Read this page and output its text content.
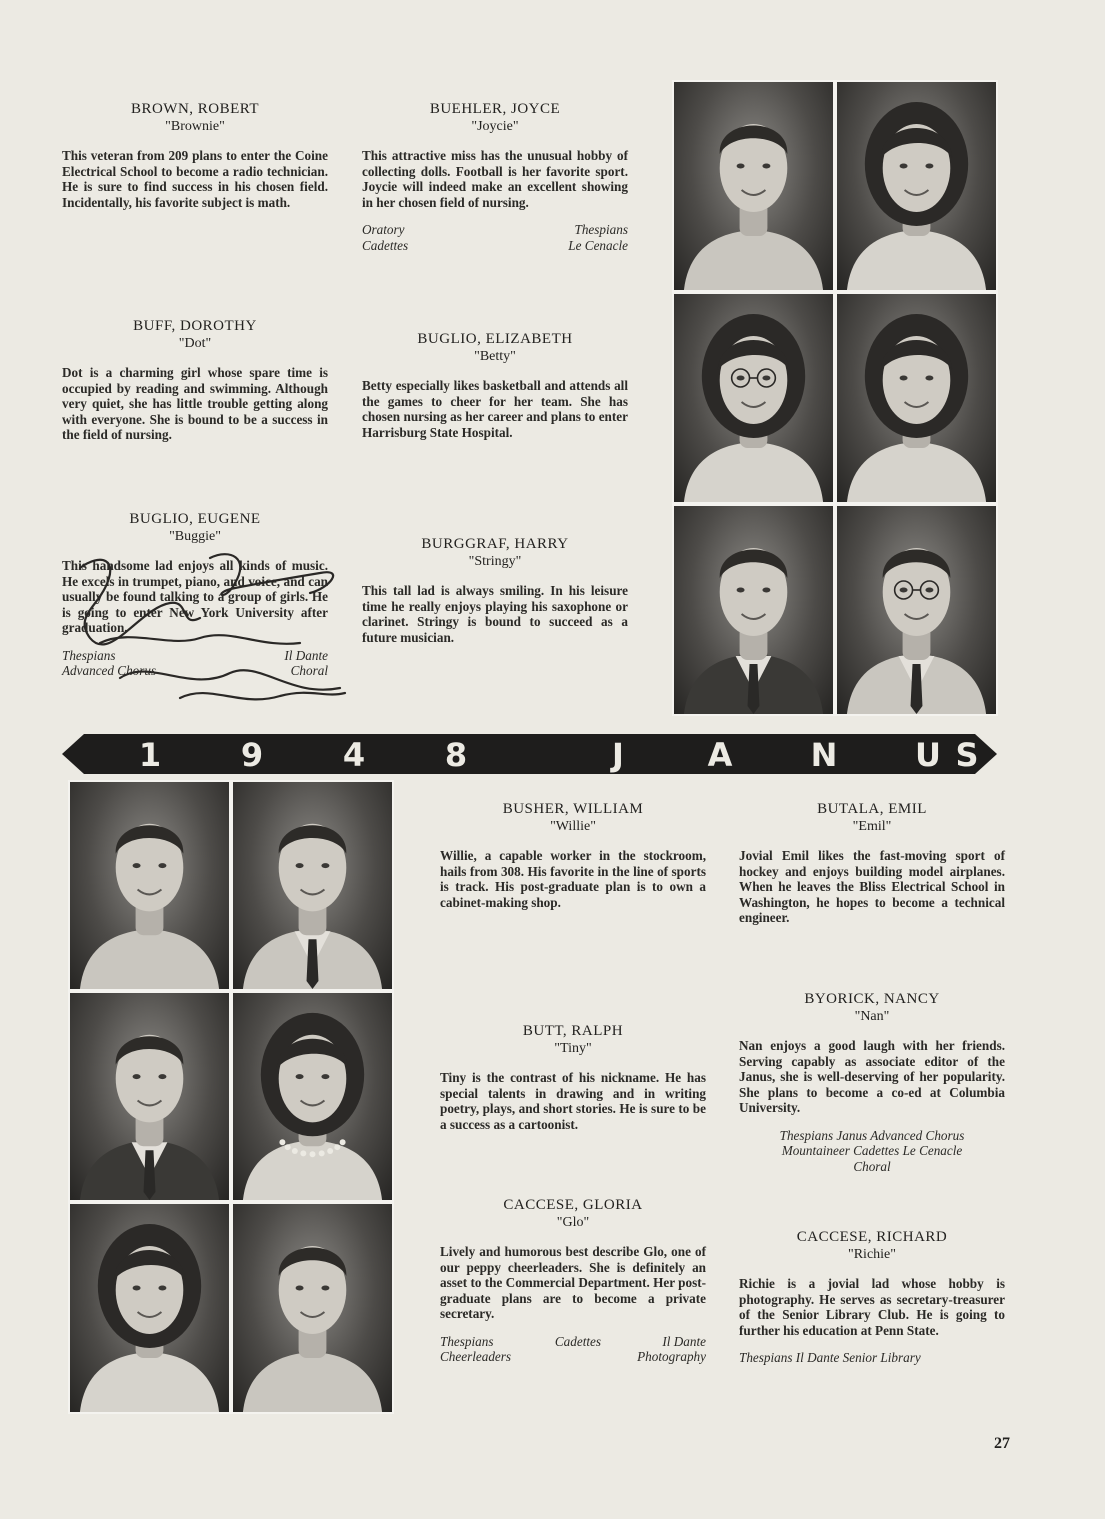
BROWN, ROBERT
"Brownie"
This veteran from 209 plans to enter the Coine Electrical School to become a radio technician. He is sure to find success in his chosen field. Incidentally, his favorite subject is math.
BUFF, DOROTHY
"Dot"
Dot is a charming girl whose spare time is occupied by reading and swimming. Although very quiet, she has little trouble getting along with everyone. She is bound to be a success in the field of nursing.
BUGLIO, EUGENE
"Buggie"
This handsome lad enjoys all kinds of music. He excels in trumpet, piano, and voice, and can usually be found talking to a group of girls. He is going to enter New York University after graduation.
Thespians	Il Dante
Advanced Chorus	Choral
BUEHLER, JOYCE
"Joycie"
This attractive miss has the unusual hobby of collecting dolls. Football is her favorite sport. Joycie will indeed make an excellent showing in her chosen field of nursing.
Oratory	Thespians
Cadettes	Le Cenacle
BUGLIO, ELIZABETH
"Betty"
Betty especially likes basketball and attends all the games to cheer for her team. She has chosen nursing as her career and plans to enter Harrisburg State Hospital.
BURGGRAF, HARRY
"Stringy"
This tall lad is always smiling. In his leisure time he really enjoys playing his saxophone or clarinet. Stringy is bound to succeed as a future musician.
1 9 4 8	J	A N U S
BUSHER, WILLIAM
"Willie"
Willie, a capable worker in the stockroom, hails from 308. His favorite in the line of sports is track. His post-graduate plan is to own a cabinet-making shop.
BUTT, RALPH
"Tiny"
Tiny is the contrast of his nickname. He has special talents in drawing and in writing poetry, plays, and short stories. He is sure to be a success as a cartoonist.
CACCESE, GLORIA
"Glo"
Lively and humorous best describe Glo, one of our peppy cheerleaders. She is definitely an asset to the Commercial Department. Her post-graduate plans are to become a private secretary.
Thespians	Cadettes	Il Dante
Cheerleaders	Photography
BUTALA, EMIL
"Emil"
Jovial Emil likes the fast-moving sport of hockey and enjoys building model airplanes. When he leaves the Bliss Electrical School in Washington, he hopes to become a technical engineer.
BYORICK, NANCY
"Nan"
Nan enjoys a good laugh with her friends. Serving capably as associate editor of the Janus, she is well-deserving of her popularity. She plans to become a co-ed at Columbia University.
Thespians Janus Advanced Chorus
Mountaineer Cadettes Le Cenacle
Choral
CACCESE, RICHARD
"Richie"
Richie is a jovial lad whose hobby is photography. He serves as secretary-treasurer of the Senior Library Club. He is going to further his education at Penn State.
Thespians Il Dante Senior Library
27
